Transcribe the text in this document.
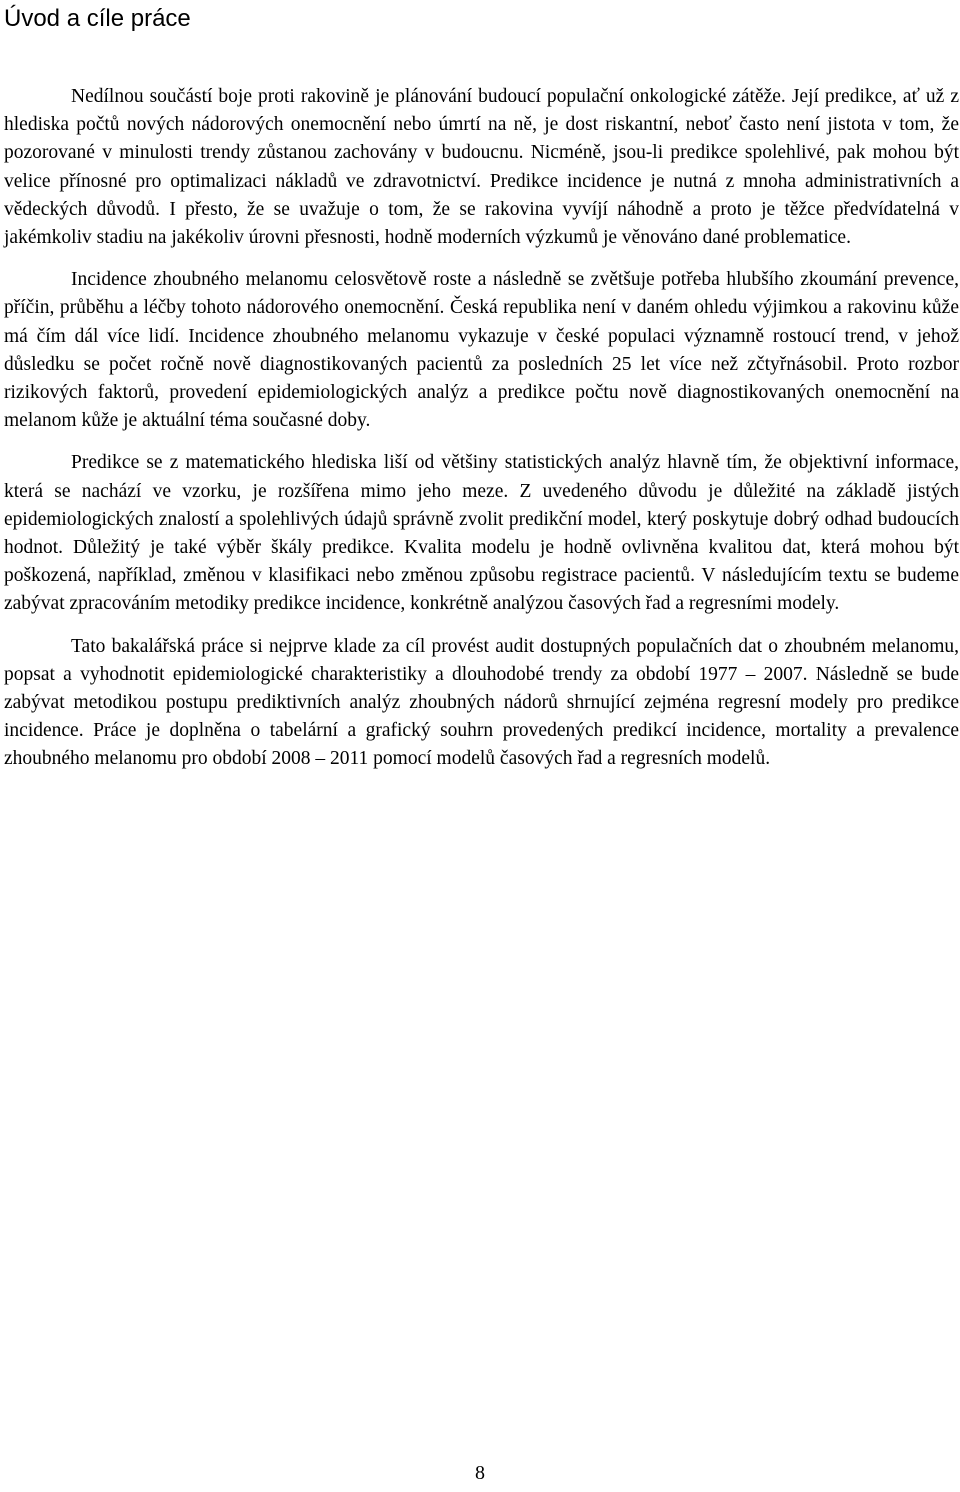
Úvod a cíle práce

Nedílnou součástí boje proti rakovině je plánování budoucí populační onkologické zátěže. Její predikce, ať už z hlediska počtů nových nádorových onemocnění nebo úmrtí na ně, je dost riskantní, neboť často není jistota v tom, že pozorované v minulosti trendy zůstanou zachovány v budoucnu. Nicméně, jsou-li predikce spolehlivé, pak mohou být velice přínosné pro optimalizaci nákladů ve zdravotnictví. Predikce incidence je nutná z mnoha administrativních a vědeckých důvodů. I přesto, že se uvažuje o tom, že se rakovina vyvíjí náhodně a proto je těžce předvídatelná v jakémkoliv stadiu na jakékoliv úrovni přesnosti, hodně moderních výzkumů je věnováno dané problematice.

Incidence zhoubného melanomu celosvětově roste a následně se zvětšuje potřeba hlubšího zkoumání prevence, příčin, průběhu a léčby tohoto nádorového onemocnění. Česká republika není v daném ohledu výjimkou a rakovinu kůže má čím dál více lidí. Incidence zhoubného melanomu vykazuje v české populaci významně rostoucí trend, v jehož důsledku se počet ročně nově diagnostikovaných pacientů za posledních 25 let více než zčtyřnásobil. Proto rozbor rizikových faktorů, provedení epidemiologických analýz a predikce počtu nově diagnostikovaných onemocnění na melanom kůže je aktuální téma současné doby.

Predikce se z matematického hlediska liší od většiny statistických analýz hlavně tím, že objektivní informace, která se nachází ve vzorku, je rozšířena mimo jeho meze. Z uvedeného důvodu je důležité na základě jistých epidemiologických znalostí a spolehlivých údajů správně zvolit predikční model, který poskytuje dobrý odhad budoucích hodnot. Důležitý je také výběr škály predikce. Kvalita modelu je hodně ovlivněna kvalitou dat, která mohou být poškozená, například, změnou v klasifikaci nebo změnou způsobu registrace pacientů. V následujícím textu se budeme zabývat zpracováním metodiky predikce incidence, konkrétně analýzou časových řad a regresními modely.

Tato bakalářská práce si nejprve klade za cíl provést audit dostupných populačních dat o zhoubném melanomu, popsat a vyhodnotit epidemiologické charakteristiky a dlouhodobé trendy za období 1977 – 2007. Následně se bude zabývat metodikou postupu prediktivních analýz zhoubných nádorů shrnující zejména regresní modely pro predikce incidence. Práce je doplněna o tabelární a grafický souhrn provedených predikcí incidence, mortality a prevalence zhoubného melanomu pro období 2008 – 2011 pomocí modelů časových řad a regresních modelů.

8
